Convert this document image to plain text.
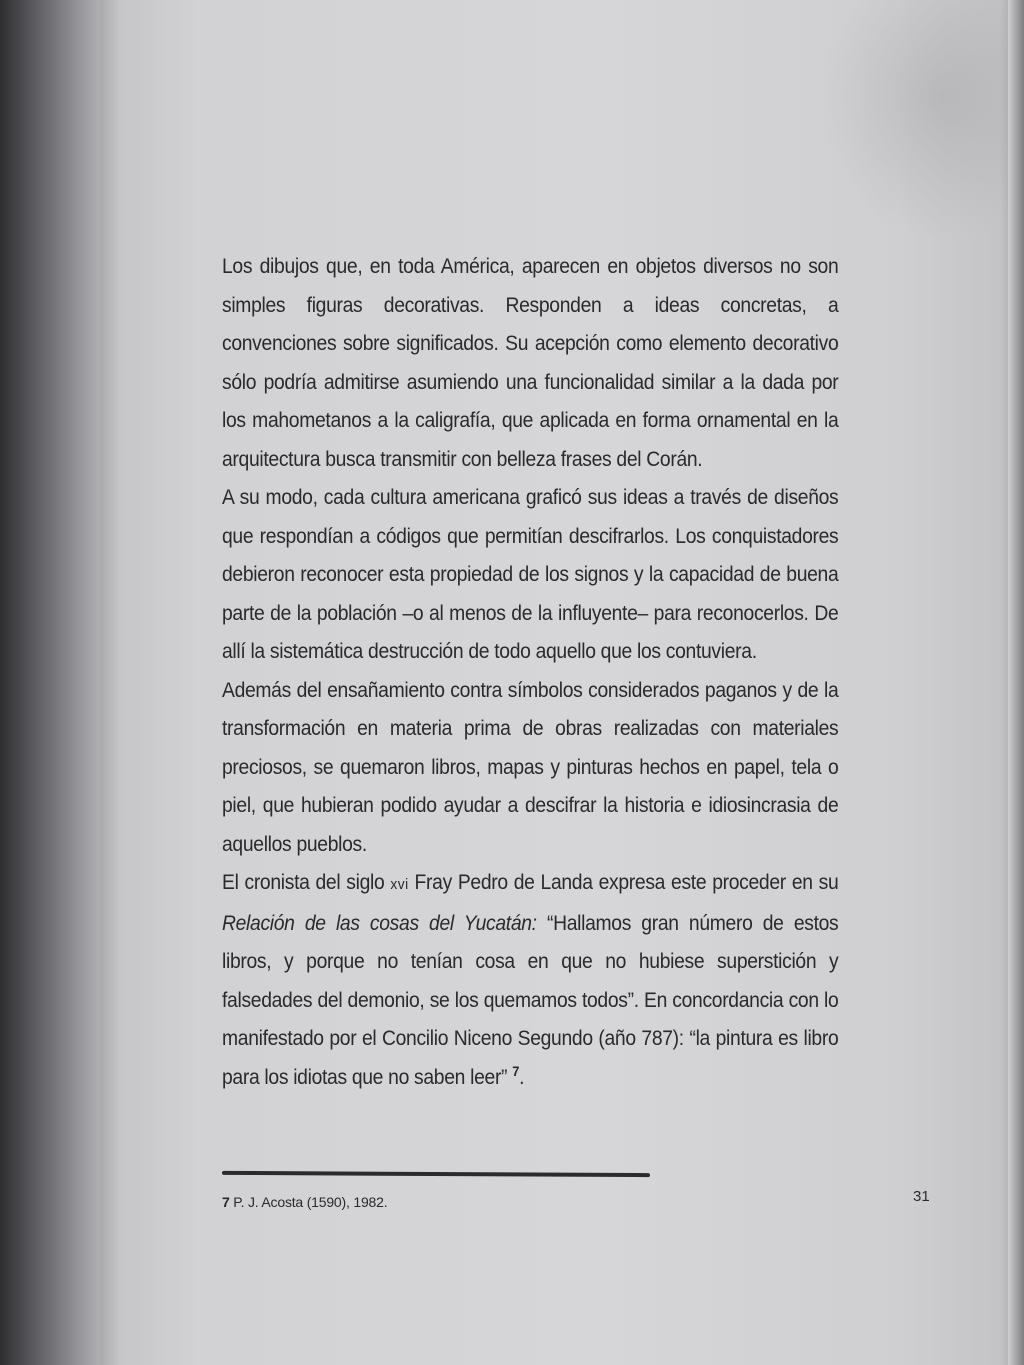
Los dibujos que, en toda América, aparecen en objetos diversos no son simples figuras decorativas. Responden a ideas concretas, a convenciones sobre significados. Su acepción como elemento decorativo sólo podría admitirse asumiendo una funcionalidad similar a la dada por los mahometanos a la caligrafía, que aplicada en forma ornamental en la arquitectura busca transmitir con belleza frases del Corán.

A su modo, cada cultura americana graficó sus ideas a través de diseños que respondían a códigos que permitían descifrarlos. Los conquistadores debieron reconocer esta propiedad de los signos y la capacidad de buena parte de la población –o al menos de la influyente– para reconocerlos. De allí la sistemática destrucción de todo aquello que los contuviera.

Además del ensañamiento contra símbolos considerados paganos y de la transformación en materia prima de obras realizadas con materiales preciosos, se quemaron libros, mapas y pinturas hechos en papel, tela o piel, que hubieran podido ayudar a descifrar la historia e idiosincrasia de aquellos pueblos.

El cronista del siglo xvi Fray Pedro de Landa expresa este proceder en su Relación de las cosas del Yucatán: “Hallamos gran número de estos libros, y porque no tenían cosa en que no hubiese superstición y falsedades del demonio, se los quemamos todos”. En concordancia con lo manifestado por el Concilio Niceno Segundo (año 787): “la pintura es libro para los idiotas que no saben leer” $^7$.

7 P. J. Acosta (1590), 1982.	31
